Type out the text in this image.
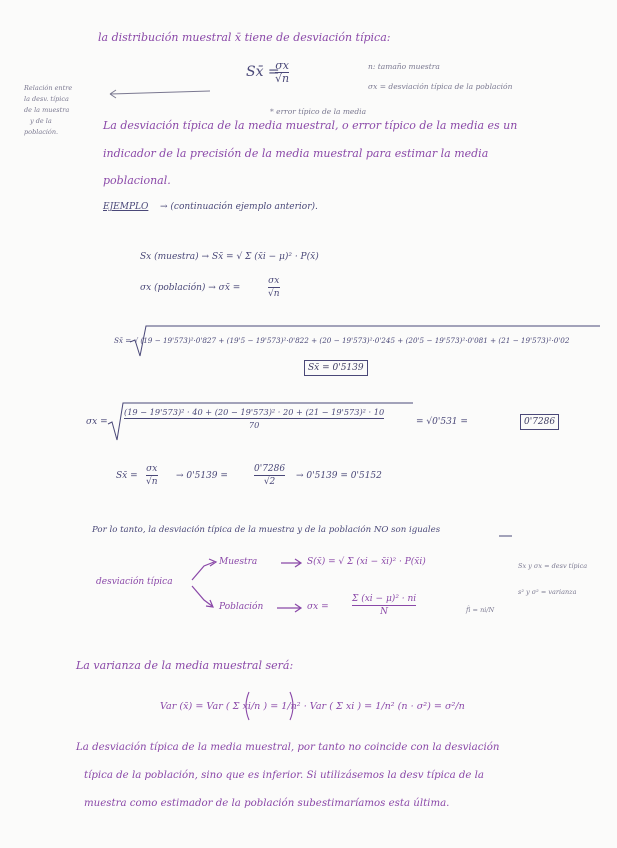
la distribución muestral x̄ tiene de desviación típica:
Sx̄ =
$\frac{\sigma x}{√n}$	n: tamaño muestra
σx = desviación típica de la población
* error típico de la media
Relación entre
la desv. típica
de la muestra
y de la
población.	La desviación típica de la media muestral, o error típico de la media es un
indicador de la precisión de la media muestral para estimar la media
poblacional.
EJEMPLO → (continuación ejemplo anterior).
Sx (muestra) → Sx̄ = √ Σ (x̄i − μ)² · P(x̄)
σx (población) → σx̄ =	$\frac{\sigma x}{√n}$
Sx̄ = √ (19 − 19'573)²·0'827 + (19'5 − 19'573)²·0'822 + (20 − 19'573)²·0'245 + (20'5 − 19'573)²·0'081 + (21 − 19'573)²·0'02
Sx̄ = 0'5139
σx =
(19 − 19'573)² · 40 + (20 − 19'573)² · 20 + (21 − 19'573)² · 10
70	= √0'531 =	0'7286
Sx̄ = $\frac{\sigma x}{√n} \to 0'5139$ =	$\frac{0'7286}{√2} \to 0'5139 = 0'5152$
Por lo tanto, la desviación típica de la muestra y de la población NO son iguales
desviación típica
Muestra	S(x̄) = √ Σ (xi − x̄i)² · P(x̄i)
Población	σx =	$\frac{\text{Σ (xi − μ)² · ni}}{N}$
Sx y σx = desv típica
s² y σ² = varianza
f̂i = ni/N
La varianza de la media muestral será:
Var (x̄) = Var ( Σ xi/n ) = 1/n² · Var ( Σ xi ) = 1/n² (n · σ²) = σ²/n
La desviación típica de la media muestral, por tanto no coincide con la desviación
típica de la población, sino que es inferior. Si utilizásemos la desv típica de la
muestra como estimador de la población subestimaríamos esta última.
